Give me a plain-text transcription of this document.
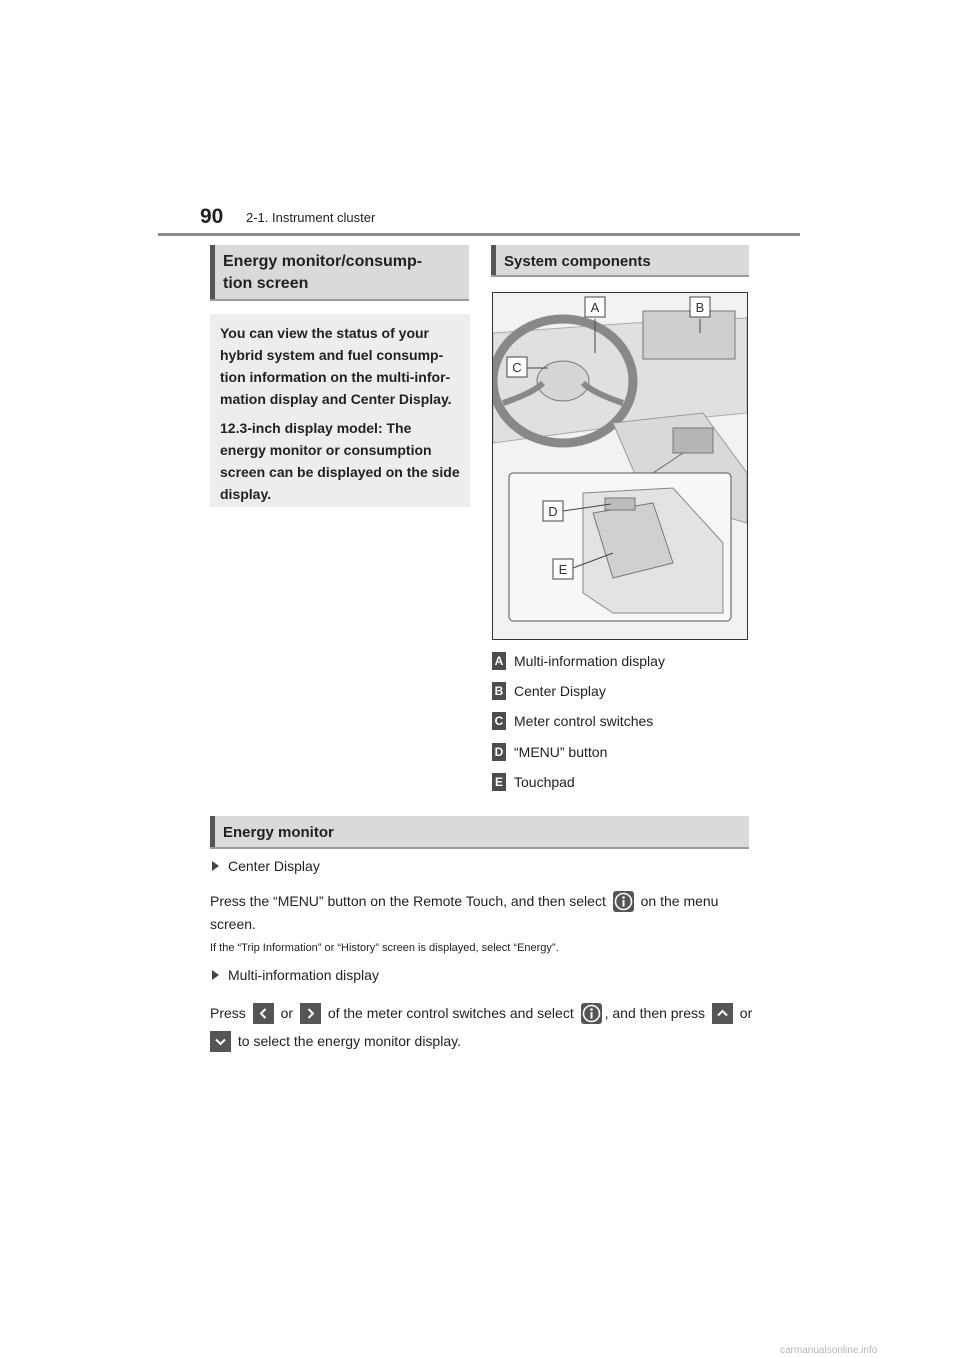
90 2-1. Instrument cluster
Energy monitor/consump-
tion screen

You can view the status of your hybrid system and fuel consump-tion information on the multi-infor-mation display and Center Display.

12.3-inch display model: The energy monitor or consumption screen can be displayed on the side display.

System components
A	B
C
D
E
A Multi-information display
B Center Display
C Meter control switches
D “MENU” button
E Touchpad
Energy monitor
Center Display
Press the “MENU” button on the Remote Touch, and then select on the menu
screen.
If the “Trip Information” or “History” screen is displayed, select “Energy”.
Multi-information display
Press or of the meter control switches and select , and then press or

to select the energy monitor display.
carmanualsonline.info
